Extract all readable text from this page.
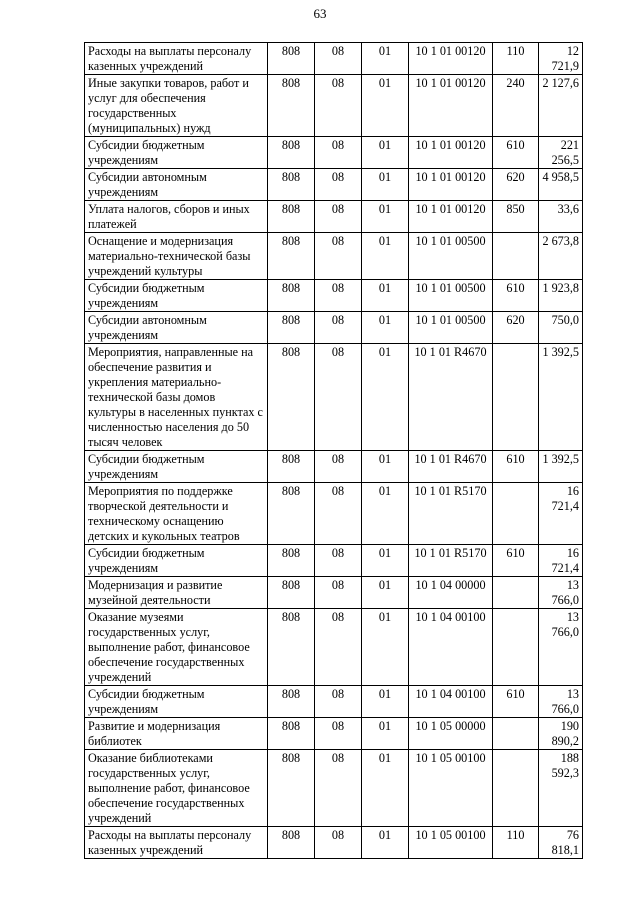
63
Расходы на выплаты персоналу казенных учреждений	808	08	01	10 1 01 00120	110	12 721,9
Иные закупки товаров, работ и услуг для обеспечения государственных (муниципальных) нужд	808	08	01	10 1 01 00120	240	2 127,6
Субсидии бюджетным учреждениям	808	08	01	10 1 01 00120	610	221 256,5
Субсидии автономным учреждениям	808	08	01	10 1 01 00120	620	4 958,5
Уплата налогов, сборов и иных платежей	808	08	01	10 1 01 00120	850	33,6
Оснащение и модернизация материально-технической базы учреждений культуры	808	08	01	10 1 01 00500		2 673,8
Субсидии бюджетным учреждениям	808	08	01	10 1 01 00500	610	1 923,8
Субсидии автономным учреждениям	808	08	01	10 1 01 00500	620	750,0
Мероприятия, направленные на обеспечение развития и укрепления материально-технической базы домов культуры в населенных пунктах с численностью населения до 50 тысяч человек	808	08	01	10 1 01 R4670		1 392,5
Субсидии бюджетным учреждениям	808	08	01	10 1 01 R4670	610	1 392,5
Мероприятия по поддержке творческой деятельности и техническому оснащению детских и кукольных театров	808	08	01	10 1 01 R5170		16 721,4
Субсидии бюджетным учреждениям	808	08	01	10 1 01 R5170	610	16 721,4
Модернизация и развитие музейной деятельности	808	08	01	10 1 04 00000		13 766,0
Оказание музеями государственных услуг, выполнение работ, финансовое обеспечение государственных учреждений	808	08	01	10 1 04 00100		13 766,0
Субсидии бюджетным учреждениям	808	08	01	10 1 04 00100	610	13 766,0
Развитие и модернизация библиотек	808	08	01	10 1 05 00000		190 890,2
Оказание библиотеками государственных услуг, выполнение работ, финансовое обеспечение государственных учреждений	808	08	01	10 1 05 00100		188 592,3
Расходы на выплаты персоналу казенных учреждений	808	08	01	10 1 05 00100	110	76 818,1
